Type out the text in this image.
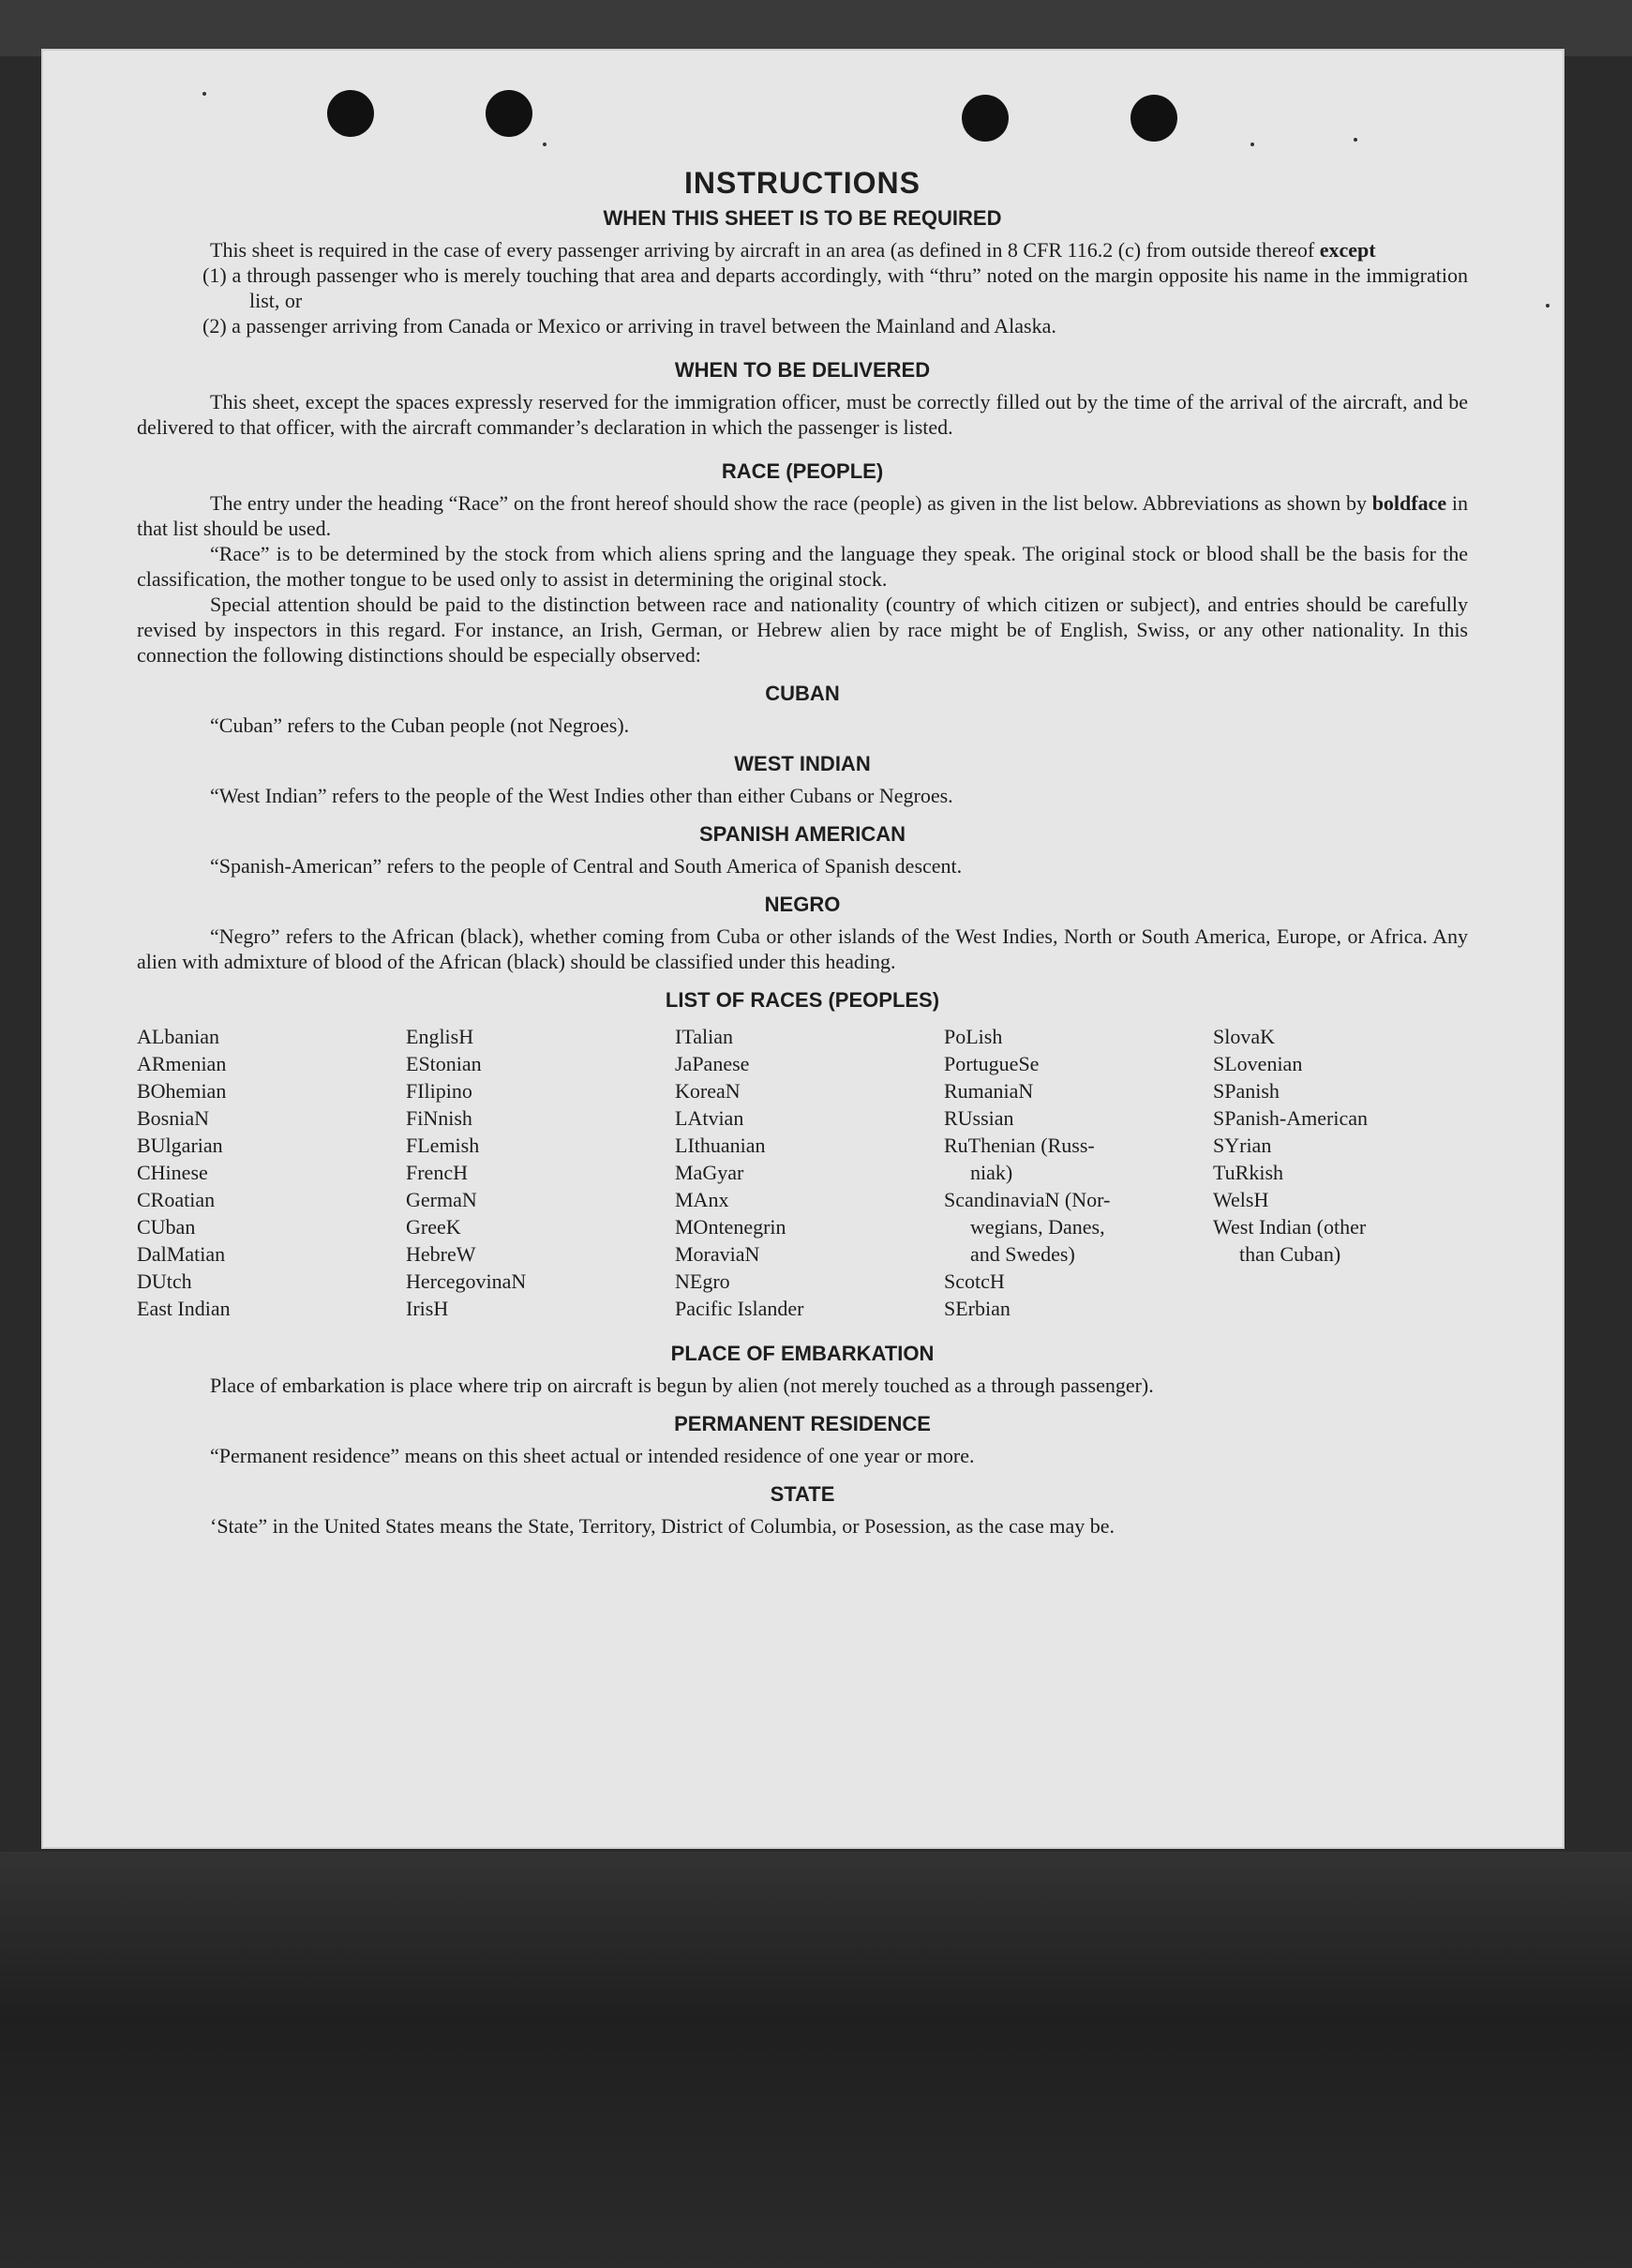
INSTRUCTIONS
WHEN THIS SHEET IS TO BE REQUIRED

This sheet is required in the case of every passenger arriving by aircraft in an area (as defined in 8 CFR 116.2 (c) from outside thereof except

(1) a through passenger who is merely touching that area and departs accordingly, with “thru” noted on the margin opposite his name in the immigration list, or

(2) a passenger arriving from Canada or Mexico or arriving in travel between the Mainland and Alaska.

WHEN TO BE DELIVERED

This sheet, except the spaces expressly reserved for the immigration officer, must be correctly filled out by the time of the arrival of the aircraft, and be delivered to that officer, with the aircraft commander’s declaration in which the passenger is listed.

RACE (PEOPLE)

The entry under the heading “Race” on the front hereof should show the race (people) as given in the list below. Abbreviations as shown by boldface in that list should be used.

“Race” is to be determined by the stock from which aliens spring and the language they speak. The original stock or blood shall be the basis for the classification, the mother tongue to be used only to assist in determining the original stock.

Special attention should be paid to the distinction between race and nationality (country of which citizen or subject), and entries should be carefully revised by inspectors in this regard. For instance, an Irish, German, or Hebrew alien by race might be of English, Swiss, or any other nationality. In this connection the following distinctions should be especially observed:

CUBAN

“Cuban” refers to the Cuban people (not Negroes).

WEST INDIAN

“West Indian” refers to the people of the West Indies other than either Cubans or Negroes.

SPANISH AMERICAN

“Spanish-American” refers to the people of Central and South America of Spanish descent.

NEGRO

“Negro” refers to the African (black), whether coming from Cuba or other islands of the West Indies, North or South America, Europe, or Africa. Any alien with admixture of blood of the African (black) should be classified under this heading.

LIST OF RACES (PEOPLES)
ALbanian
ARmenian
BOhemian
BosniaN
BUlgarian
CHinese
CRoatian
CUban
DalMatian
DUtch
East Indian
EnglisH
EStonian
FIlipino
FiNnish
FLemish
FrencH
GermaN
GreeK
HebreW
HercegovinaN
IrisH
ITalian
JaPanese
KoreaN
LAtvian
LIthuanian
MaGyar
MAnx
MOntenegrin
MoraviaN
NEgro
Pacific Islander
PoLish
PortugueSe
RumaniaN
RUssian
RuThenian (Russ-
niak)
ScandinaviaN (Nor-
wegians, Danes,
and Swedes)
ScotcH
SErbian
SlovaK
SLovenian
SPanish
SPanish-American
SYrian
TuRkish
WelsH
West Indian (other
than Cuban)
PLACE OF EMBARKATION

Place of embarkation is place where trip on aircraft is begun by alien (not merely touched as a through passenger).

PERMANENT RESIDENCE

“Permanent residence” means on this sheet actual or intended residence of one year or more.

STATE

‘State” in the United States means the State, Territory, District of Columbia, or Posession, as the case may be.
